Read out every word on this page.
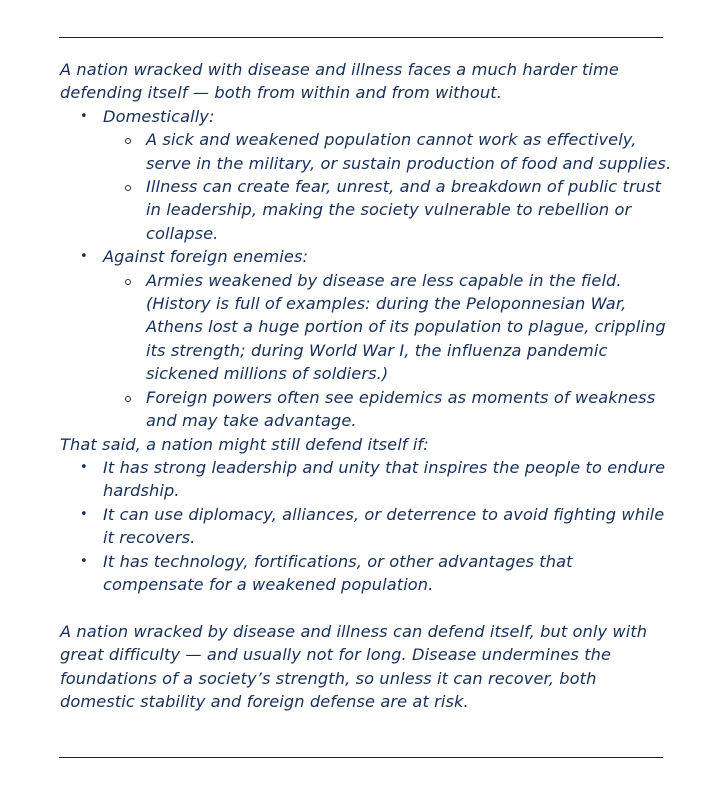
A nation wracked with disease and illness faces a much harder time defending itself — both from within and from without.

• Domestically:
A sick and weakened population cannot work as effectively, serve in the military, or sustain production of food and supplies.
Illness can create fear, unrest, and a breakdown of public trust in leadership, making the society vulnerable to rebellion or collapse.
• Against foreign enemies:
Armies weakened by disease are less capable in the field. (History is full of examples: during the Peloponnesian War, Athens lost a huge portion of its population to plague, crippling its strength; during World War I, the influenza pandemic sickened millions of soldiers.)
Foreign powers often see epidemics as moments of weakness and may take advantage.

That said, a nation might still defend itself if:

• It has strong leadership and unity that inspires the people to endure hardship.
• It can use diplomacy, alliances, or deterrence to avoid fighting while it recovers.
• It has technology, fortifications, or other advantages that compensate for a weakened population.

A nation wracked by disease and illness can defend itself, but only with great difficulty — and usually not for long. Disease undermines the foundations of a society’s strength, so unless it can recover, both domestic stability and foreign defense are at risk.
